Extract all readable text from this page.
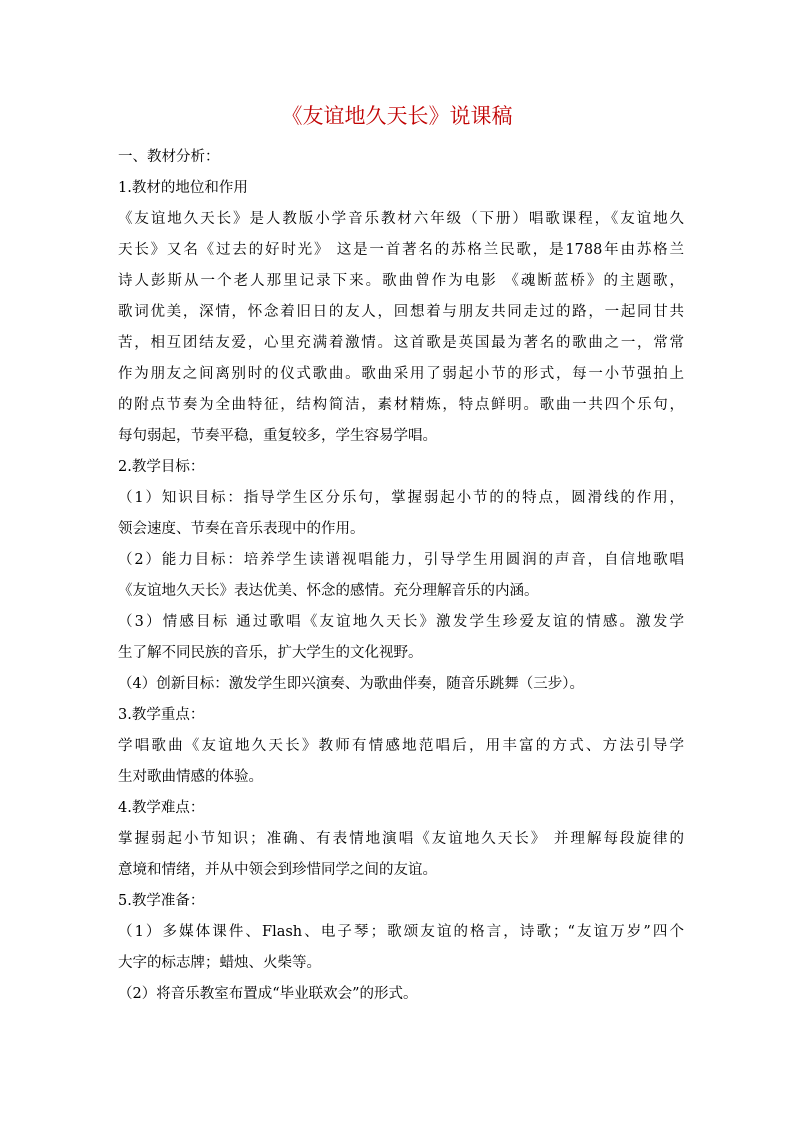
《友谊地久天长》说课稿
一、教材分析：
1.教材的地位和作用
《友谊地久天长》是人教版小学音乐教材六年级（下册）唱歌课程，《友谊地久
天长》又名《过去的好时光》 这是一首著名的苏格兰民歌，是1788年由苏格兰
诗人彭斯从一个老人那里记录下来。歌曲曾作为电影 《魂断蓝桥》的主题歌，
歌词优美，深情，怀念着旧日的友人，回想着与朋友共同走过的路，一起同甘共
苦，相互团结友爱，心里充满着激情。这首歌是英国最为著名的歌曲之一，常常
作为朋友之间离别时的仪式歌曲。歌曲采用了弱起小节的形式，每一小节强拍上
的附点节奏为全曲特征，结构简洁，素材精炼，特点鲜明。歌曲一共四个乐句，
每句弱起，节奏平稳，重复较多，学生容易学唱。
2.教学目标：
（1）知识目标：指导学生区分乐句，掌握弱起小节的的特点，圆滑线的作用，
领会速度、节奏在音乐表现中的作用。
（2）能力目标：培养学生读谱视唱能力，引导学生用圆润的声音，自信地歌唱
《友谊地久天长》表达优美、怀念的感情。充分理解音乐的内涵。
（3）情感目标 通过歌唱《友谊地久天长》激发学生珍爱友谊的情感。激发学
生了解不同民族的音乐，扩大学生的文化视野。
（4）创新目标：激发学生即兴演奏、为歌曲伴奏，随音乐跳舞（三步）。
3.教学重点：
学唱歌曲《友谊地久天长》教师有情感地范唱后，用丰富的方式、方法引导学
生对歌曲情感的体验。
4.教学难点：
掌握弱起小节知识；准确、有表情地演唱《友谊地久天长》 并理解每段旋律的
意境和情绪，并从中领会到珍惜同学之间的友谊。
5.教学准备：
（1）多媒体课件、Flash、电子琴；歌颂友谊的格言，诗歌；“友谊万岁”四个
大字的标志牌；蜡烛、火柴等。
（2）将音乐教室布置成“毕业联欢会”的形式。
